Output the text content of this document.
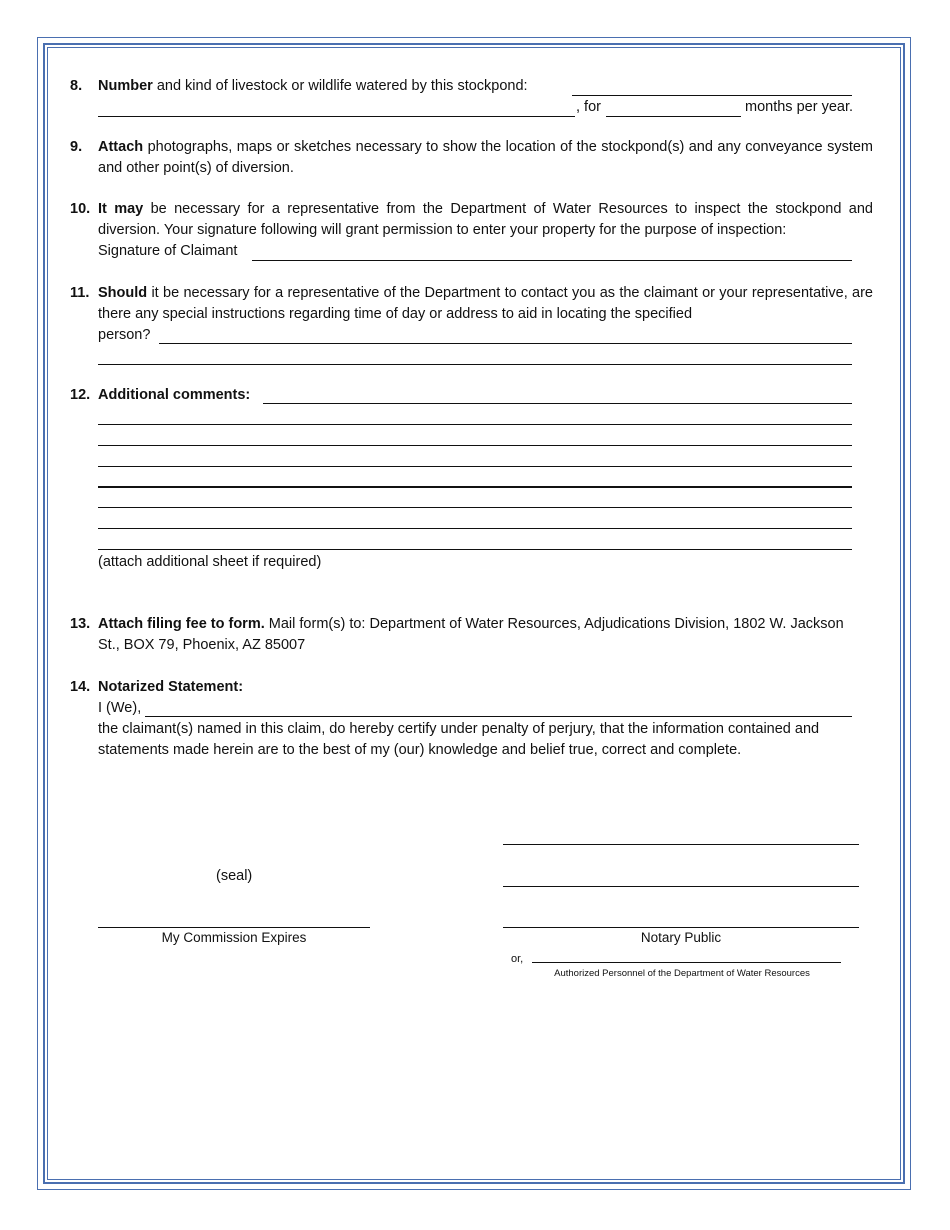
8. Number and kind of livestock or wildlife watered by this stockpond:
, for	months per year.
9. Attach photographs, maps or sketches necessary to show the location of the stockpond(s) and any conveyance system and other point(s) of diversion.
10. It may be necessary for a representative from the Department of Water Resources to inspect the stockpond and diversion. Your signature following will grant permission to enter your property for the purpose of inspection:
Signature of Claimant
11. Should it be necessary for a representative of the Department to contact you as the claimant or your representative, are there any special instructions regarding time of day or address to aid in locating the specified
person?
12. Additional comments:
(attach additional sheet if required)
13. Attach filing fee to form. Mail form(s) to: Department of Water Resources, Adjudications Division, 1802 W. Jackson St., BOX 79, Phoenix, AZ 85007
14. Notarized Statement:
I (We),
the claimant(s) named in this claim, do hereby certify under penalty of perjury, that the information contained and statements made herein are to the best of my (our) knowledge and belief true, correct and complete.
(seal)
My Commission Expires	Notary Public
or,
Authorized Personnel of the Department of Water Resources
